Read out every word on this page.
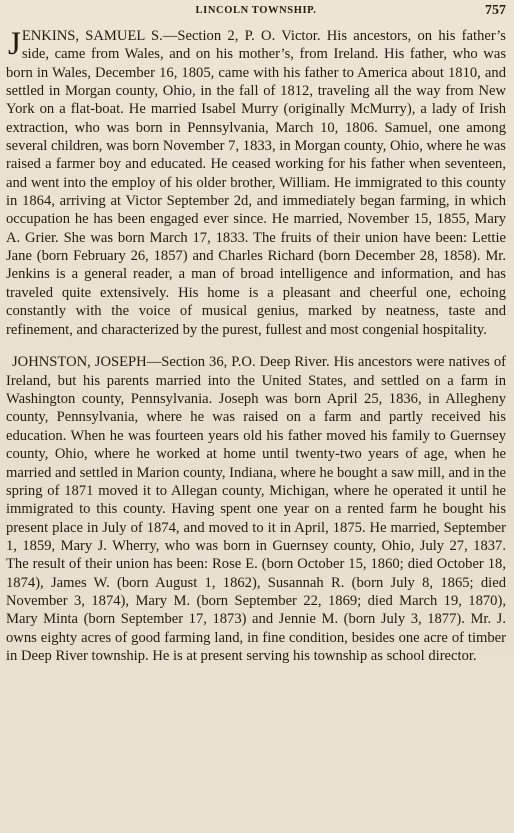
LINCOLN TOWNSHIP.	757

JENKINS, SAMUEL S.—Section 2, P. O. Victor. His ancestors, on his father’s side, came from Wales, and on his mother’s, from Ireland. His father, who was born in Wales, December 16, 1805, came with his father to America about 1810, and settled in Morgan county, Ohio, in the fall of 1812, traveling all the way from New York on a flat-boat. He married Isabel Murry (originally McMurry), a lady of Irish extraction, who was born in Pennsylvania, March 10, 1806. Samuel, one among several children, was born November 7, 1833, in Morgan county, Ohio, where he was raised a farmer boy and educated. He ceased working for his father when seventeen, and went into the employ of his older brother, William. He immigrated to this county in 1864, arriving at Victor September 2d, and immediately began farming, in which occupation he has been engaged ever since. He married, November 15, 1855, Mary A. Grier. She was born March 17, 1833. The fruits of their union have been: Lettie Jane (born February 26, 1857) and Charles Richard (born December 28, 1858). Mr. Jenkins is a general reader, a man of broad intelligence and information, and has traveled quite extensively. His home is a pleasant and cheerful one, echoing constantly with the voice of musical genius, marked by neatness, taste and refinement, and characterized by the purest, fullest and most congenial hospitality.

JOHNSTON, JOSEPH—Section 36, P.O. Deep River. His ancestors were natives of Ireland, but his parents married into the United States, and settled on a farm in Washington county, Pennsylvania. Joseph was born April 25, 1836, in Allegheny county, Pennsylvania, where he was raised on a farm and partly received his education. When he was fourteen years old his father moved his family to Guernsey county, Ohio, where he worked at home until twenty-two years of age, when he married and settled in Marion county, Indiana, where he bought a saw mill, and in the spring of 1871 moved it to Allegan county, Michigan, where he operated it until he immigrated to this county. Having spent one year on a rented farm he bought his present place in July of 1874, and moved to it in April, 1875. He married, September 1, 1859, Mary J. Wherry, who was born in Guernsey county, Ohio, July 27, 1837. The result of their union has been: Rose E. (born October 15, 1860; died October 18, 1874), James W. (born August 1, 1862), Susannah R. (born July 8, 1865; died November 3, 1874), Mary M. (born September 22, 1869; died March 19, 1870), Mary Minta (born September 17, 1873) and Jennie M. (born July 3, 1877). Mr. J. owns eighty acres of good farming land, in fine condition, besides one acre of timber in Deep River township. He is at present serving his township as school director.
